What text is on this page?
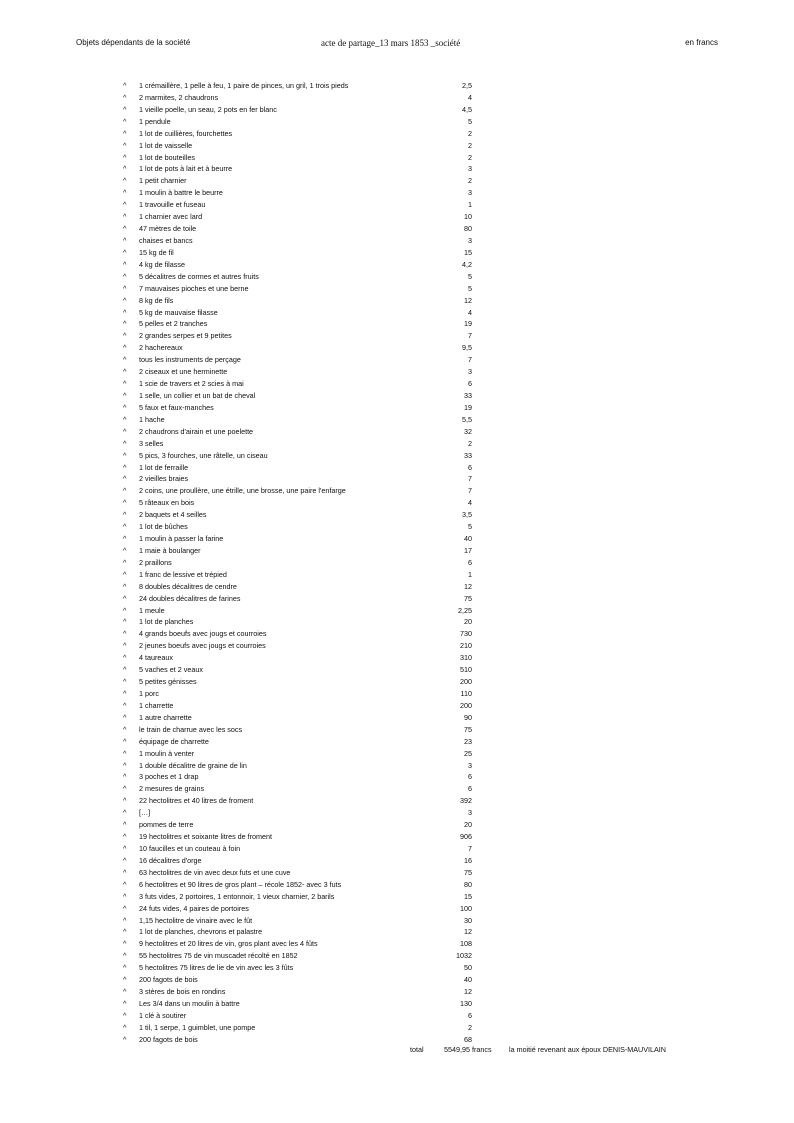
Objets dépendants de la société	acte de partage_13 mars 1853 _société	en francs
^ 1 crémaillère, 1 pelle à feu, 1 paire de pinces, un gril, 1 trois pieds	2,5
^ 2 marmites, 2 chaudrons	4
^ 1 vieille poelle, un seau, 2 pots en fer blanc	4,5
^ 1 pendule	5
^ 1 lot de cuillières, fourchettes	2
^ 1 lot de vaisselle	2
^ 1 lot de bouteilles	2
^ 1 lot de pots à lait et à beurre	3
^ 1 petit charnier	2
^ 1 moulin à battre le beurre	3
^ 1 travouille et fuseau	1
^ 1 charnier avec lard	10
^ 47 mètres de toile	80
^ chaises et bancs	3
^ 15 kg de fil	15
^ 4 kg de filasse	4,2
^ 5 décalitres de cormes et autres fruits	5
^ 7 mauvaises pioches et une berne	5
^ 8 kg de fils	12
^ 5 kg de mauvaise filasse	4
^ 5 pelles et 2 tranches	19
^ 2 grandes serpes et 9 petites	7
^ 2 hachereaux	9,5
^ tous les instruments de perçage	7
^ 2 ciseaux et une herminette	3
^ 1 scie de travers et 2 scies à mai	6
^ 1 selle, un collier et un bat de cheval	33
^ 5 faux et faux-manches	19
^ 1 hache	5,5
^ 2 chaudrons d'airain et une poelette	32
^ 3 selles	2
^ 5 pics, 3 fourches, une râtelle, un ciseau	33
^ 1 lot de ferraille	6
^ 2 vieilles braies	7
^ 2 coins, une proullère, une étrille, une brosse, une paire l'enfarge	7
^ 5 râteaux en bois	4
^ 2 baquets et 4 seilles	3,5
^ 1 lot de bûches	5
^ 1 moulin à passer la farine	40
^ 1 maie à boulanger	17
^ 2 praillons	6
^ 1 franc de lessive et trépied	1
^ 8 doubles décalitres de cendre	12
^ 24 doubles décalitres de farines	75
^ 1 meule	2,25
^ 1 lot de planches	20
^ 4 grands boeufs avec jougs et courroies	730
^ 2 jeunes boeufs avec jougs et courroies	210
^ 4 taureaux	310
^ 5 vaches et 2 veaux	510
^ 5 petites génisses	200
^ 1 porc	110
^ 1 charrette	200
^ 1 autre charrette	90
^ le train de charrue avec les socs	75
^ équipage de charrette	23
^ 1 moulin à venter	25
^ 1 double décalitre de graine de lin	3
^ 3 poches et 1 drap	6
^ 2 mesures de grains	6
^ 22 hectolitres et 40 litres de froment	392
^ […]	3
^ pommes de terre	20
^ 19 hectolitres et soixante litres de froment	906
^ 10 faucilles et un couteau à foin	7
^ 16 décalitres d'orge	16
^ 63 hectolitres de vin avec deux futs et une cuve	75
^ 6 hectolitres et 90 litres de gros plant – récole 1852- avec 3 futs	80
^ 3 futs vides, 2 portoires, 1 entonnoir, 1 vieux charnier, 2 barils	15
^ 24 futs vides, 4 paires de portoires	100
^ 1,15 hectolitre de vinaire avec le fût	30
^ 1 lot de planches, chevrons et palastre	12
^ 9 hectolitres et 20 litres de vin, gros plant avec les 4 fûts	108
^ 55 hectolitres 75 de vin muscadet récolté en 1852	1032
^ 5 hectolitres 75 litres de lie de vin avec les 3 fûts	50
^ 200 fagots de bois	40
^ 3 stères de bois en rondins	12
^ Les 3/4 dans un moulin à battre	130
^ 1 clé à soutirer	6
^ 1 til, 1 serpe, 1 guimblet, une pompe	2
^ 200 fagots de bois	68
total	5549,95 francs la moitié revenant aux époux DENIS-MAUVILAIN
